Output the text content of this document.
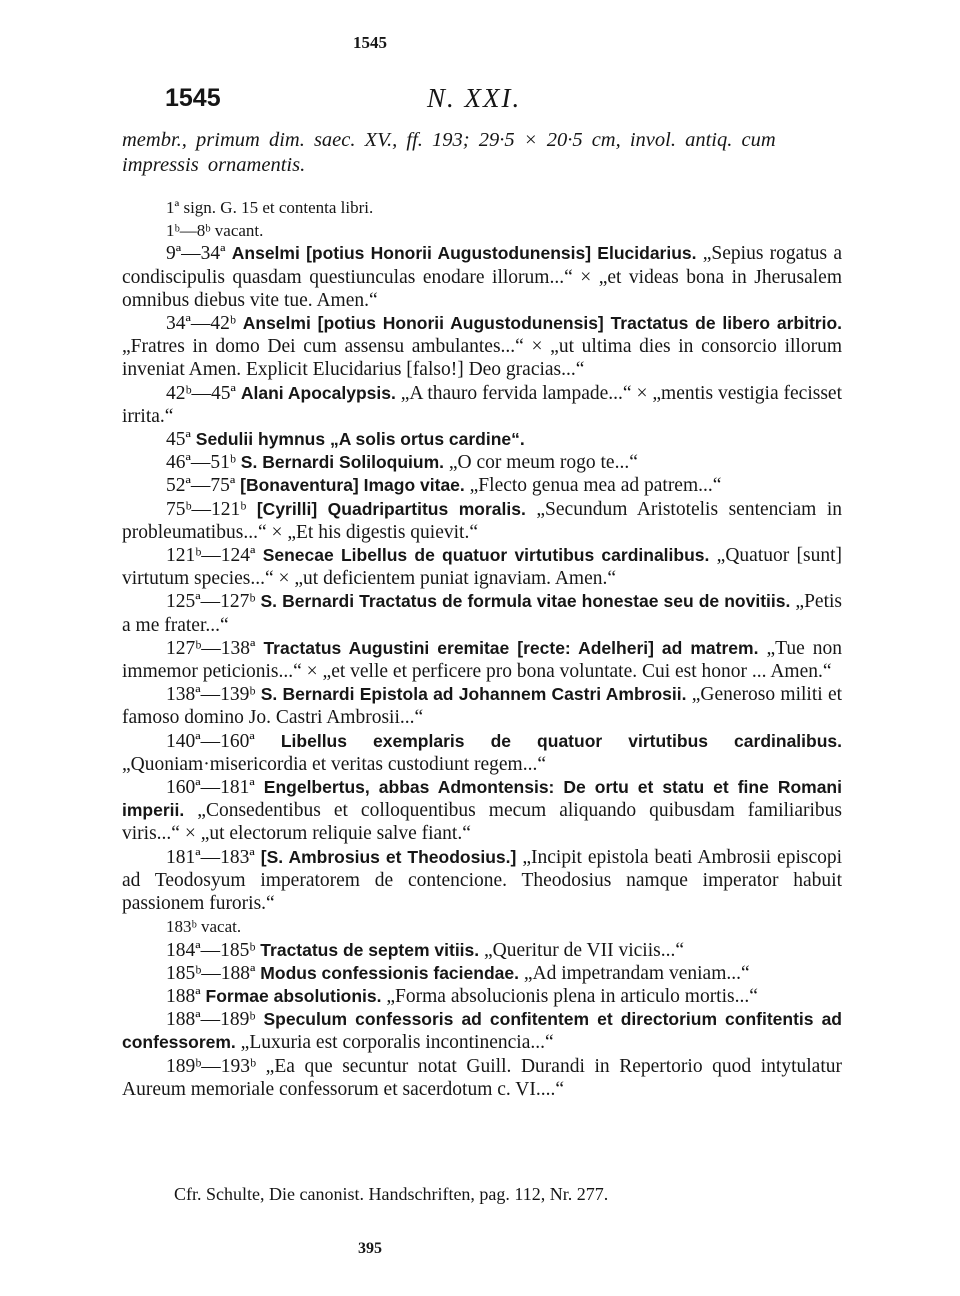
1545
1545	N. XXI.
membr., primum dim. saec. XV., ff. 193; 29·5 × 20·5 cm, invol. antiq. cum impressis ornamentis.

1ª sign. G. 15 et contenta libri.

1ᵇ—8ᵇ vacant.

9ª—34ª Anselmi [potius Honorii Augustodunensis] Elucidarius. „Sepius rogatus a condiscipulis quasdam questiunculas enodare illorum...“ × „et videas bona in Jherusalem omnibus diebus vite tue. Amen.“

34ª—42ᵇ Anselmi [potius Honorii Augustodunensis] Tractatus de libero arbitrio. „Fratres in domo Dei cum assensu ambulantes...“ × „ut ultima dies in consorcio illorum inveniat Amen. Explicit Elucidarius [falso!] Deo gracias...“

42ᵇ—45ª Alani Apocalypsis. „A thauro fervida lampade...“ × „mentis vestigia fecisset irrita.“

45ª Sedulii hymnus „A solis ortus cardine“.

46ª—51ᵇ S. Bernardi Soliloquium. „O cor meum rogo te...“

52ª—75ª [Bonaventura] Imago vitae. „Flecto genua mea ad patrem...“

75ᵇ—121ᵇ [Cyrilli] Quadripartitus moralis. „Secundum Aristotelis sentenciam in probleumatibus...“ × „Et his digestis quievit.“

121ᵇ—124ª Senecae Libellus de quatuor virtutibus cardinalibus. „Quatuor [sunt] virtutum species...“ × „ut deficientem puniat ignaviam. Amen.“

125ª—127ᵇ S. Bernardi Tractatus de formula vitae honestae seu de novitiis. „Petis a me frater...“

127ᵇ—138ª Tractatus Augustini eremitae [recte: Adelheri] ad matrem. „Tue non immemor peticionis...“ × „et velle et perficere pro bona voluntate. Cui est honor ... Amen.“

138ª—139ᵇ S. Bernardi Epistola ad Johannem Castri Ambrosii. „Generoso militi et famoso domino Jo. Castri Ambrosii...“

140ª—160ª Libellus exemplaris de quatuor virtutibus cardinalibus. „Quoniam·misericordia et veritas custodiunt regem...“

160ª—181ª Engelbertus, abbas Admontensis: De ortu et statu et fine Romani imperii. „Consedentibus et colloquentibus mecum aliquando quibusdam familiaribus viris...“ × „ut electorum reliquie salve fiant.“

181ª—183ª [S. Ambrosius et Theodosius.] „Incipit epistola beati Ambrosii episcopi ad Teodosyum imperatorem de contencione. Theodosius namque imperator habuit passionem furoris.“

183ᵇ vacat.

184ª—185ᵇ Tractatus de septem vitiis. „Queritur de VII viciis...“

185ᵇ—188ª Modus confessionis faciendae. „Ad impetrandam veniam...“

188ª Formae absolutionis. „Forma absolucionis plena in articulo mortis...“

188ª—189ᵇ Speculum confessoris ad confitentem et directorium confitentis ad confessorem. „Luxuria est corporalis incontinencia...“

189ᵇ—193ᵇ „Ea que secuntur notat Guill. Durandi in Repertorio quod intytulatur Aureum memoriale confessorum et sacerdotum c. VI....“

Cfr. Schulte, Die canonist. Handschriften, pag. 112, Nr. 277.
395
